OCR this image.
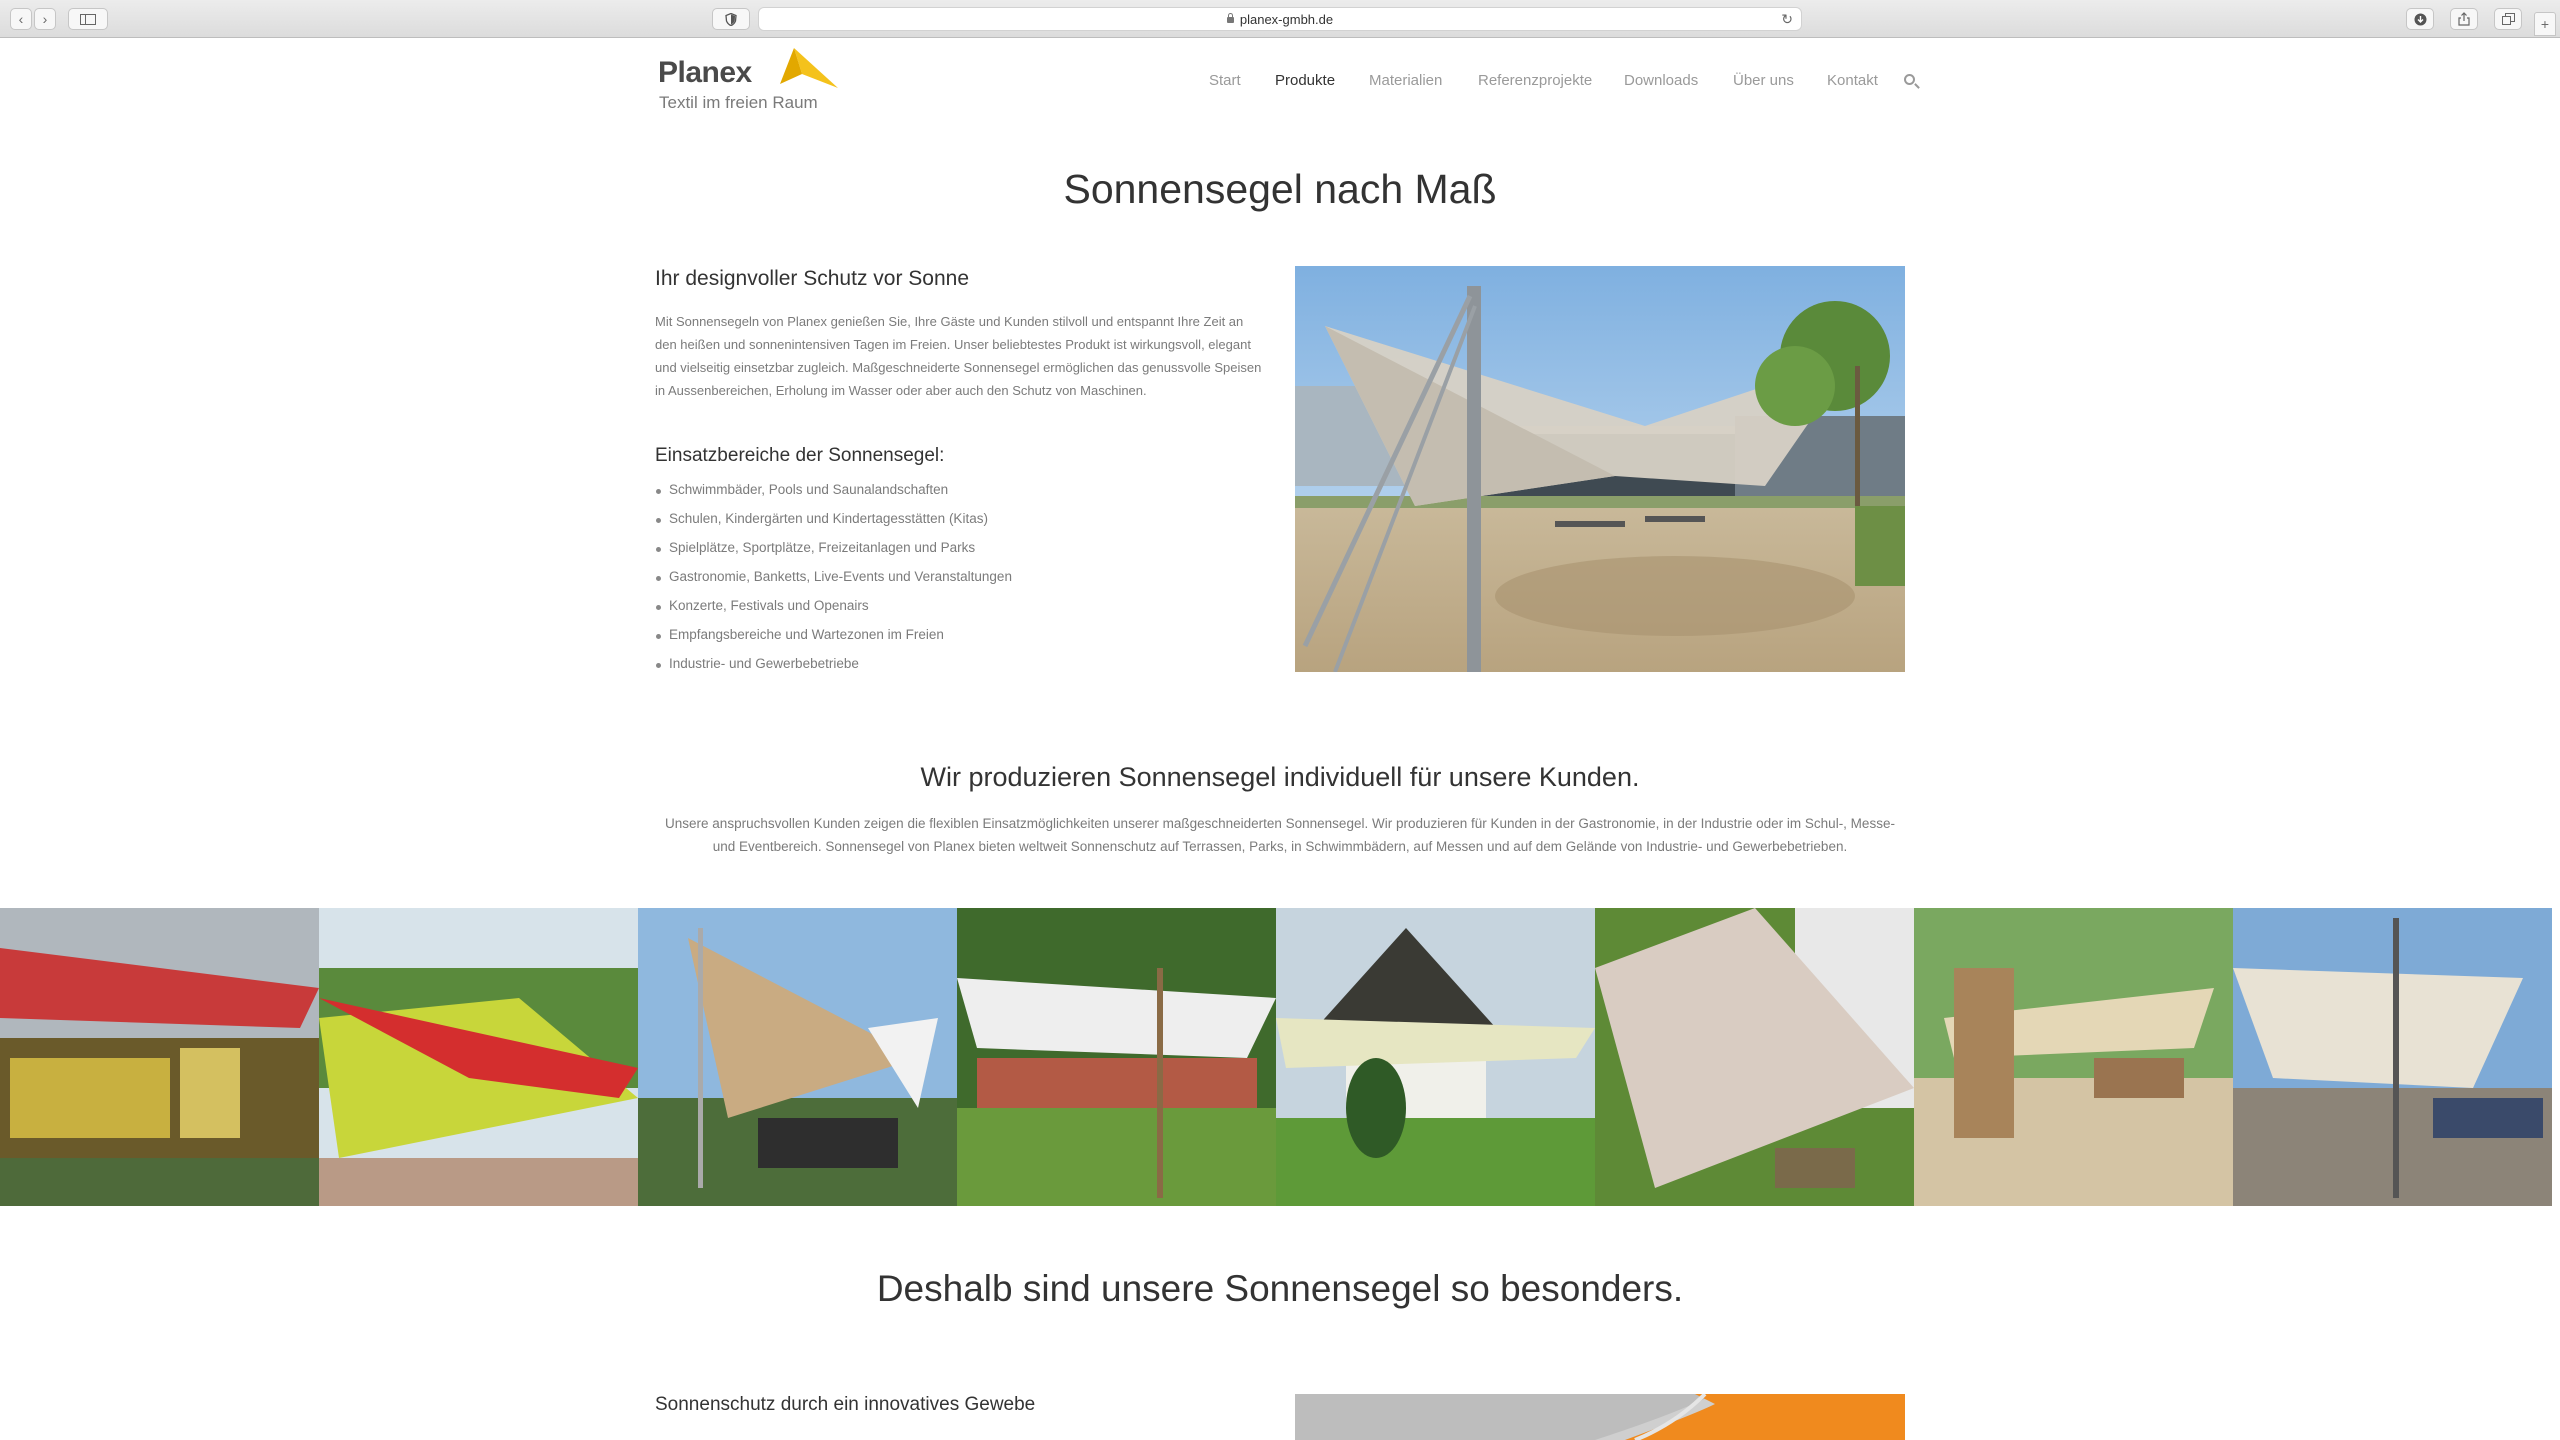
‹	›	planex-gmbh.de	↻	+
Planex
Textil im freien Raum
Start Produkte Materialien Referenzprojekte Downloads Über uns Kontakt
Sonnensegel nach Maß
Ihr designvoller Schutz vor Sonne
Mit Sonnensegeln von Planex genießen Sie, Ihre Gäste und Kunden stilvoll und entspannt Ihre Zeit an den heißen und sonnenintensiven Tagen im Freien. Unser beliebtestes Produkt ist wirkungsvoll, elegant und vielseitig einsetzbar zugleich. Maßgeschneiderte Sonnensegel ermöglichen das genussvolle Speisen in Aussenbereichen, Erholung im Wasser oder aber auch den Schutz von Maschinen.
Einsatzbereiche der Sonnensegel:
Schwimmbäder, Pools und Saunalandschaften
Schulen, Kindergärten und Kindertagesstätten (Kitas)
Spielplätze, Sportplätze, Freizeitanlagen und Parks
Gastronomie, Banketts, Live-Events und Veranstaltungen
Konzerte, Festivals und Openairs
Empfangsbereiche und Wartezonen im Freien
Industrie- und Gewerbebetriebe
Wir produzieren Sonnensegel individuell für unsere Kunden.
Unsere anspruchsvollen Kunden zeigen die flexiblen Einsatzmöglichkeiten unserer maßgeschneiderten Sonnensegel. Wir produzieren für Kunden in der Gastronomie, in der Industrie oder im Schul-, Messe-
und Eventbereich. Sonnensegel von Planex bieten weltweit Sonnenschutz auf Terrassen, Parks, in Schwimmbädern, auf Messen und auf dem Gelände von Industrie- und Gewerbebetrieben.
Deshalb sind unsere Sonnensegel so besonders.
Sonnenschutz durch ein innovatives Gewebe
